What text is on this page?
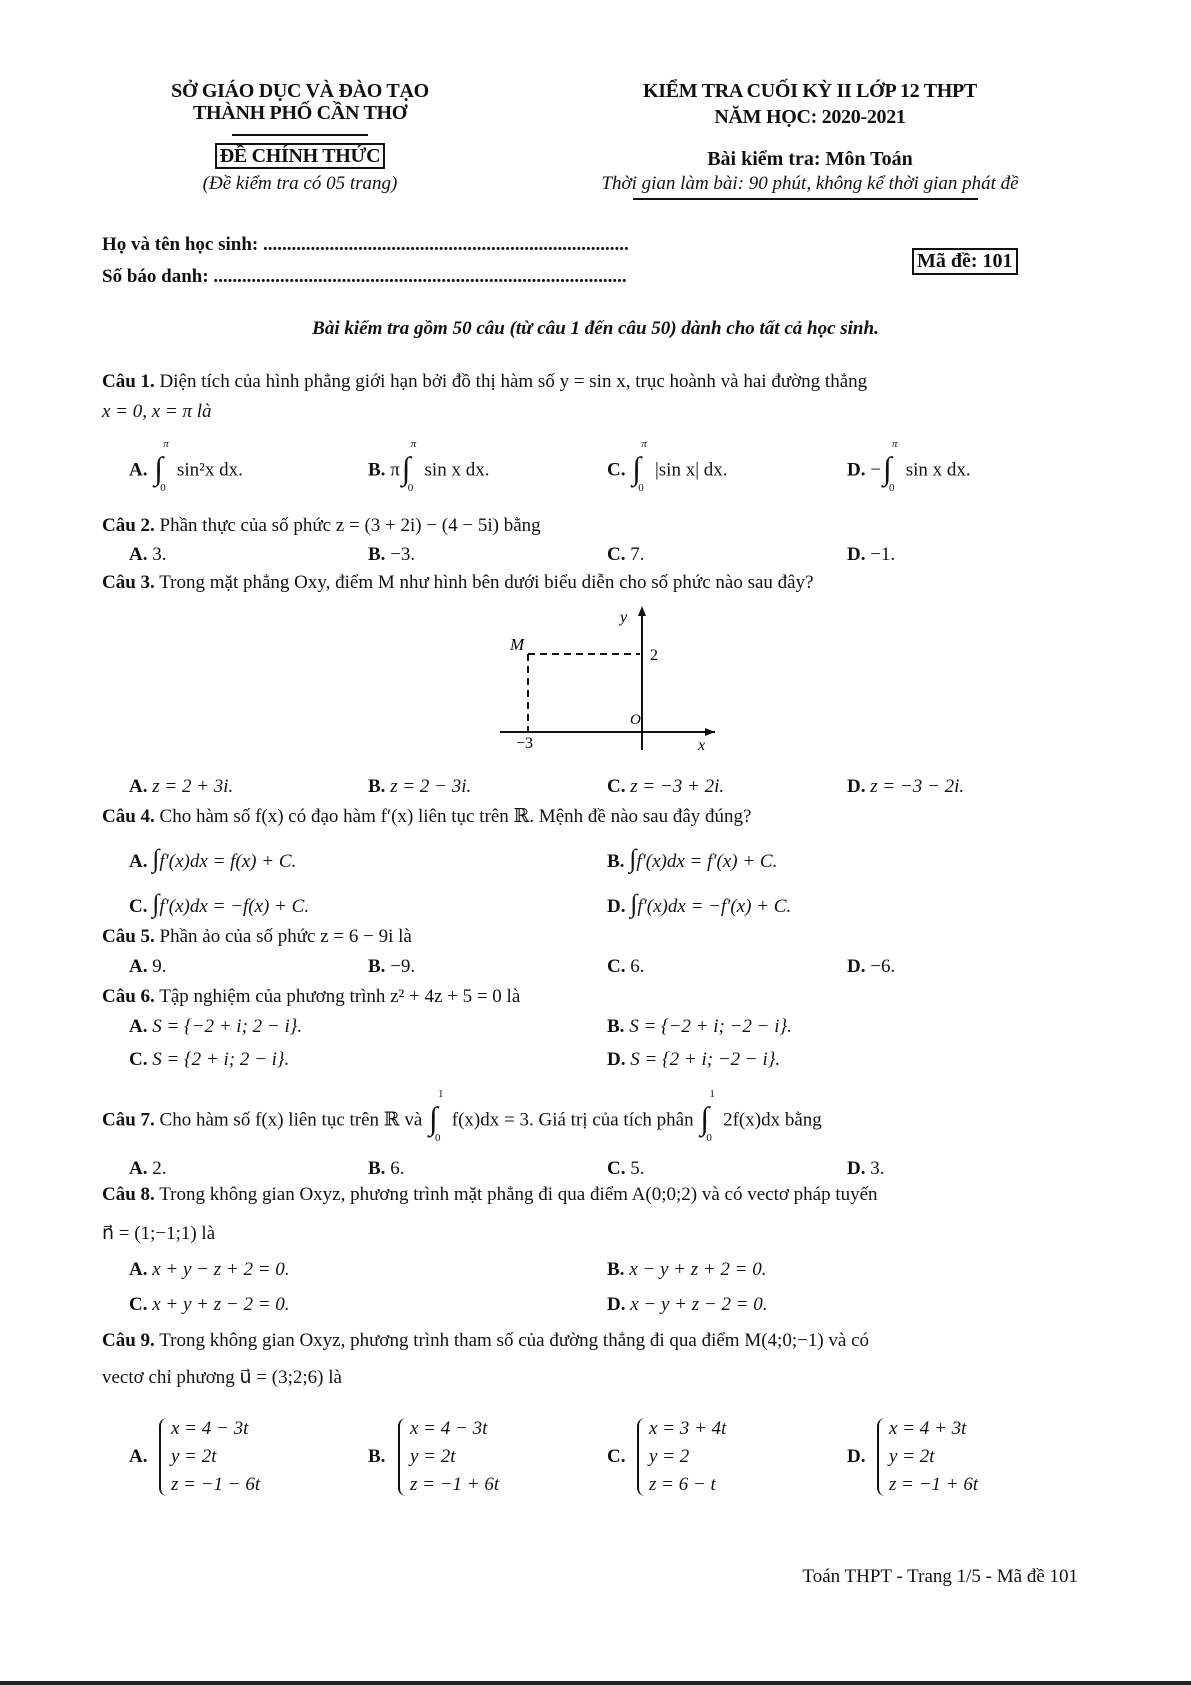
SỞ GIÁO DỤC VÀ ĐÀO TẠO
THÀNH PHỐ CẦN THƠ
ĐỀ CHÍNH THỨC
(Đề kiểm tra có 05 trang)
KIỂM TRA CUỐI KỲ II LỚP 12 THPT
NĂM HỌC: 2020-2021
Bài kiểm tra: Môn Toán
Thời gian làm bài: 90 phút, không kể thời gian phát đề
Họ và tên học sinh: .............................................................................
Số báo danh: .......................................................................................
Mã đề: 101
Bài kiểm tra gồm 50 câu (từ câu 1 đến câu 50) dành cho tất cả học sinh.
Câu 1. Diện tích của hình phẳng giới hạn bởi đồ thị hàm số y = sin x, trục hoành và hai đường thẳng
x = 0, x = π là
A. ∫
π
0
sin²x dx.	B. π ∫
π
0
sin x dx.	C. ∫
π
0
|sin x| dx.	D. − ∫
π
0
sin x dx.
Câu 2. Phần thực của số phức z = (3 + 2i) − (4 − 5i) bằng
A. 3.	B. −3.	C. 7.	D. −1.
Câu 3. Trong mặt phẳng Oxy, điểm M như hình bên dưới biểu diễn cho số phức nào sau đây?
M
2
O
−3
y
x
A. z = 2 + 3i.	B. z = 2 − 3i.	C. z = −3 + 2i.	D. z = −3 − 2i.
Câu 4. Cho hàm số f(x) có đạo hàm f′(x) liên tục trên ℝ. Mệnh đề nào sau đây đúng?
A. ∫f′(x)dx = f(x) + C.	B. ∫f′(x)dx = f′(x) + C.
C. ∫f′(x)dx = −f(x) + C.	D. ∫f′(x)dx = −f′(x) + C.
Câu 5. Phần ảo của số phức z = 6 − 9i là
A. 9.	B. −9.	C. 6.	D. −6.
Câu 6. Tập nghiệm của phương trình z² + 4z + 5 = 0 là
A. S = {−2 + i; 2 − i}.	B. S = {−2 + i; −2 − i}.
C. S = {2 + i; 2 − i}.	D. S = {2 + i; −2 − i}.
Câu 7. Cho hàm số f(x) liên tục trên ℝ và ∫
1
0
f(x)dx = 3. Giá trị của tích phân ∫
1
0
2f(x)dx bằng
A. 2.	B. 6.	C. 5.	D. 3.
Câu 8. Trong không gian Oxyz, phương trình mặt phẳng đi qua điểm A(0;0;2) và có vectơ pháp tuyến
n⃗ = (1;−1;1) là
A. x + y − z + 2 = 0.	B. x − y + z + 2 = 0.
C. x + y + z − 2 = 0.	D. x − y + z − 2 = 0.
Câu 9. Trong không gian Oxyz, phương trình tham số của đường thẳng đi qua điểm M(4;0;−1) và có
vectơ chỉ phương u⃗ = (3;2;6) là
A.
x = 4 − 3t
y = 2t
z = −1 − 6t
B.
x = 4 − 3t
y = 2t
z = −1 + 6t
C.
x = 3 + 4t
y = 2
z = 6 − t
D.
x = 4 + 3t
y = 2t
z = −1 + 6t
Toán THPT - Trang 1/5 - Mã đề 101
